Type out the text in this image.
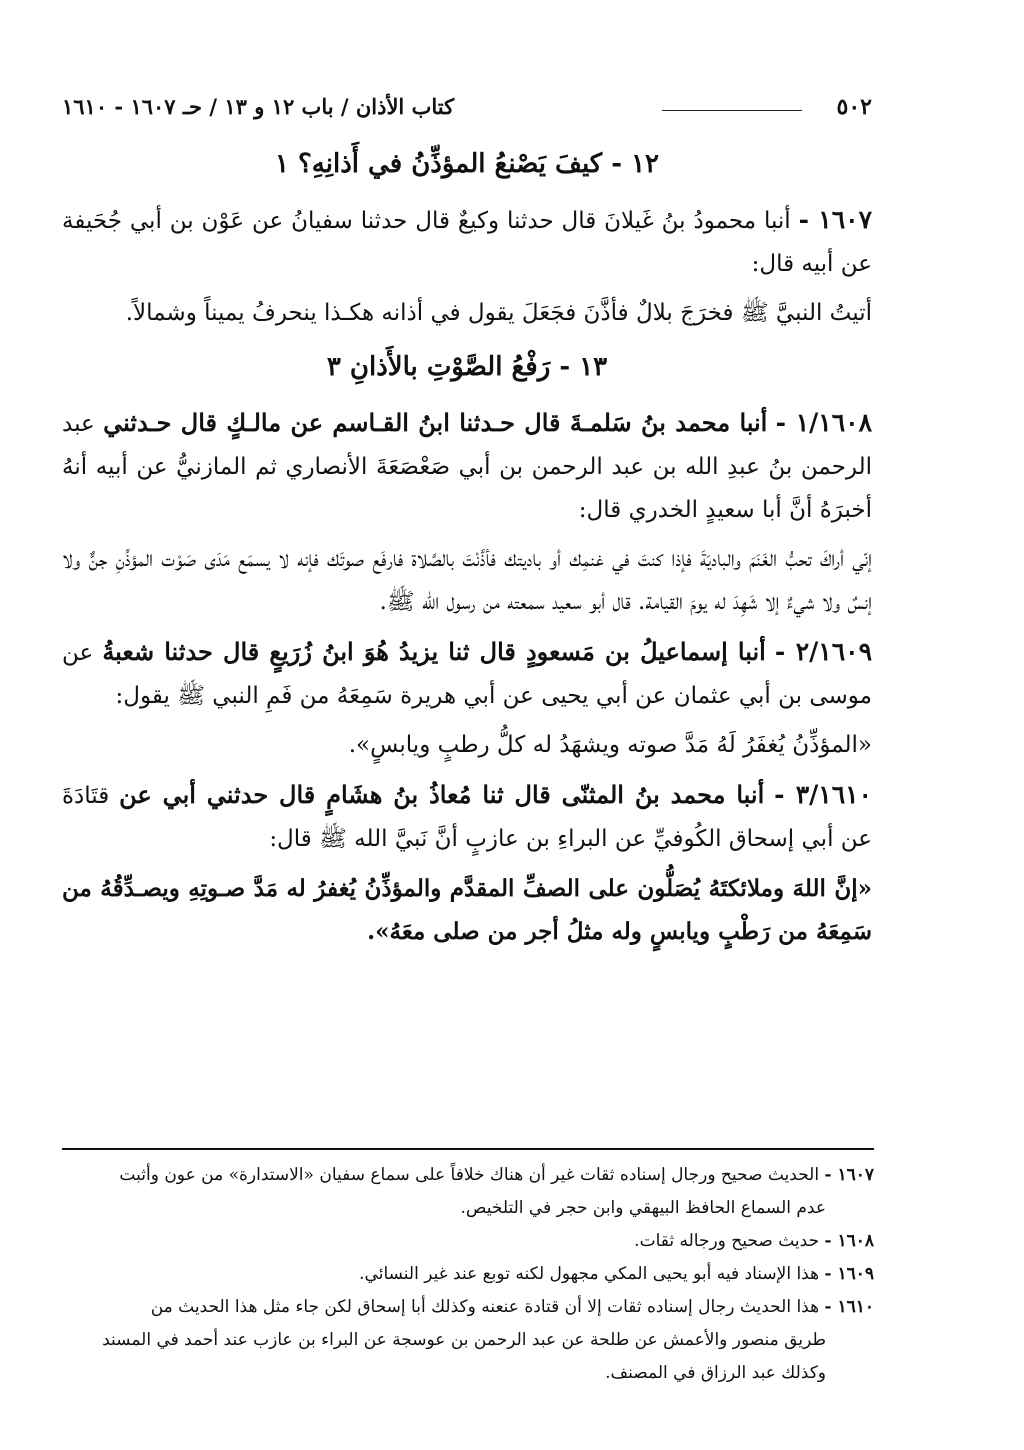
٥٠٢
كتاب الأذان / باب ١٢ و ١٣ / حـ ١٦٠٧ - ١٦١٠
١٢ - كيفَ يَصْنعُ المؤذِّنُ في أَذانِهِ؟ ١

١٦٠٧ - أنبا محمودُ بنُ غَيلانَ قال حدثنا وكيعٌ قال حدثنا سفيانُ عن عَوْن بن أبي جُحَيفة عن أبيه قال:

أتيتُ النبيَّ ﷺ فخرَجَ بلالٌ فأذَّنَ فجَعَلَ يقول في أذانه هكـذا ينحرفُ يميناً وشمالاً.

١٣ - رَفْعُ الصَّوْتِ بالأَذانِ ٣

١/١٦٠٨ - أنبا محمد بنُ سَلمـةَ قال حـدثنا ابنُ القـاسم عن مالـكٍ قال حـدثني عبد الرحمن بنُ عبدِ الله بن عبد الرحمن بن أبي صَعْصَعَةَ الأنصاري ثم المازنيُّ عن أبيه أنهُ أخبرَهُ أنَّ أبا سعيدٍ الخدري قال:

إنّي أراكَ تحبُّ الغَنَمَ والباديَةَ فإذا كنتَ في غنمِك أو باديتك فأذَّنْتَ بالصَّلاة فارفَع صوتَك فإنه لا يسمَع مَدَى صَوْت المؤذِّنِ جنٌّ ولا إنسٌ ولا شيءٌ إلا شَهِدَ له يومَ القيامة. قال أبو سعيد سمعته من رسول الله ﷺ.

٢/١٦٠٩ - أنبا إسماعيلُ بن مَسعودٍ قال ثنا يزيدُ هُوَ ابنُ زُرَيعٍ قال حدثنا شعبةُ عن موسى بن أبي عثمان عن أبي يحيى عن أبي هريرة سَمِعَهُ من فَمِ النبي ﷺ يقول:

«المؤذِّنُ يُغفَرُ لَهُ مَدَّ صوته ويشهَدُ له كلُّ رطبٍ ويابسٍ».

٣/١٦١٠ - أنبا محمد بنُ المثنّى قال ثنا مُعاذُ بنُ هشَامٍ قال حدثني أبي عن قتَادَةَ عن أبي إسحاق الكُوفيِّ عن البراءِ بن عازبٍ أنَّ نَبيَّ الله ﷺ قال:

«إنَّ اللهَ وملائكتَهُ يُصَلُّون على الصفِّ المقدَّم والمؤذِّنُ يُغفرُ له مَدَّ صـوتِهِ ويصـدِّقُهُ من سَمِعَهُ من رَطْبٍ ويابسٍ وله مثلُ أجر من صلى معَهُ».

١٦٠٧ - الحديث صحيح ورجال إسناده ثقات غير أن هناك خلافاً على سماع سفيان «الاستدارة» من عون وأثبت

عدم السماع الحافظ البيهقي وابن حجر في التلخيص.

١٦٠٨ - حديث صحيح ورجاله ثقات.

١٦٠٩ - هذا الإسناد فيه أبو يحيى المكي مجهول لكنه توبع عند غير النسائي.

١٦١٠ - هذا الحديث رجال إسناده ثقات إلا أن قتادة عنعنه وكذلك أبا إسحاق لكن جاء مثل هذا الحديث من

طريق منصور والأعمش عن طلحة عن عبد الرحمن بن عوسجة عن البراء بن عازب عند أحمد في المسند

وكذلك عبد الرزاق في المصنف.
